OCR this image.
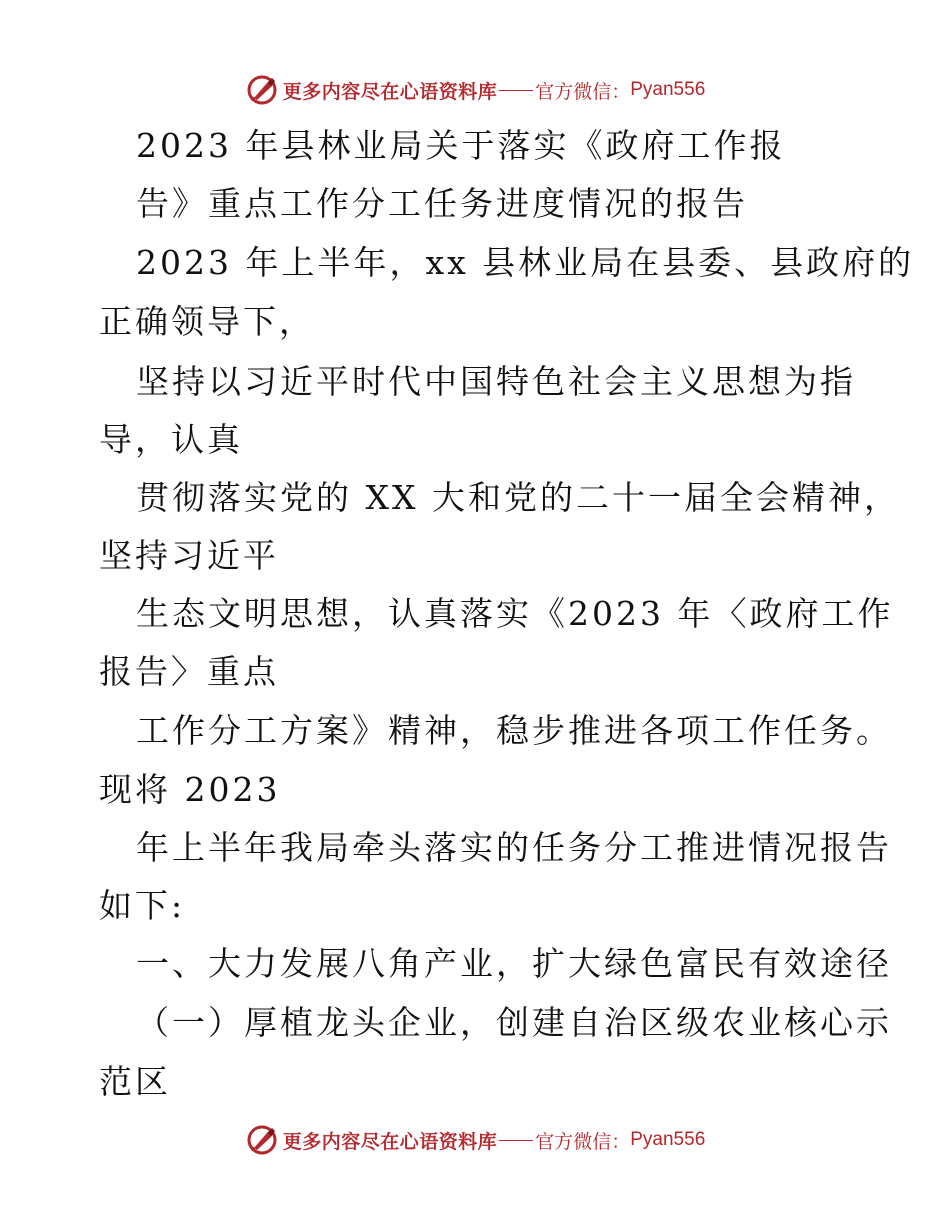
更多内容尽在心语资料库 官方微信： Pyan556
2023 年县林业局关于落实《政府工作报
告》重点工作分工任务进度情况的报告
2023 年上半年，xx 县林业局在县委、县政府的
正确领导下，
坚持以习近平时代中国特色社会主义思想为指
导，认真
贯彻落实党的 XX 大和党的二十一届全会精神，
坚持习近平
生态文明思想，认真落实《2023 年〈政府工作
报告〉重点
工作分工方案》精神，稳步推进各项工作任务。
现将 2023
年上半年我局牵头落实的任务分工推进情况报告
如下:
一、大力发展八角产业，扩大绿色富民有效途径
（一）厚植龙头企业，创建自治区级农业核心示
范区
更多内容尽在心语资料库 官方微信： Pyan556
